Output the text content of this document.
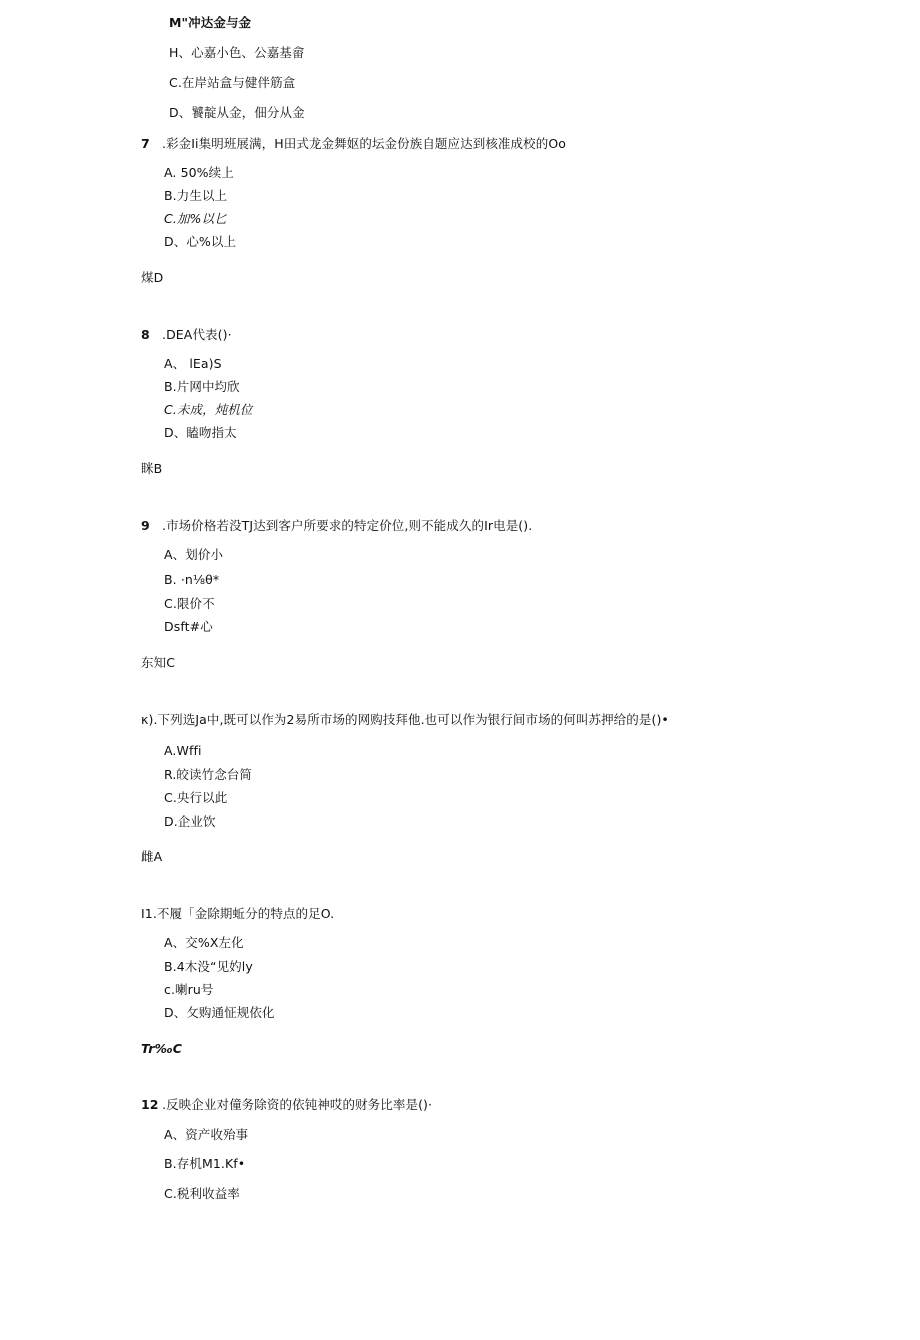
M"冲达金与金
H、心嘉小色、公嘉基畲
C.在岸站盒与健伴筋盒
D、饕靛从金，佃分从金
7 .彩金Ii集明班展满，H田式龙金舞妪的坛金份族自题应达到核准成校的Oo
A. 50%续上
B.力生以上
C.加%以匕
D、心%以上
煤D
8 .DEA代表()·
A、 lEa)S
B.片网中均欣
C.未成，炖机位
D、瞌吻指太
眯B
9 .市场价格若没TJ达到客户所要求的特定价位,则不能成久的Ir电是().
A、划价小
B. ·n⅛θ*
C.限价不
Dsft#心
东知C
κ).下列选Ja中,既可以作为2易所市场的网购技拜他.也可以作为银行间市场的何叫苏押给的是()•
A.Wffi
R.皎读竹念台简
C.央行以此
D.企业饮
雌A
I1.不履「金除期蚯分的特点的足O.
A、交%X左化
B.4木没“见妁ly
c.喇ru号
D、攵购通怔规依化
Tr‰C
12 .反映企业对僮务除资的依钝神哎的财务比率是()·
A、资产收殆事
B.存机M1.Kf•
C.税利收益率
